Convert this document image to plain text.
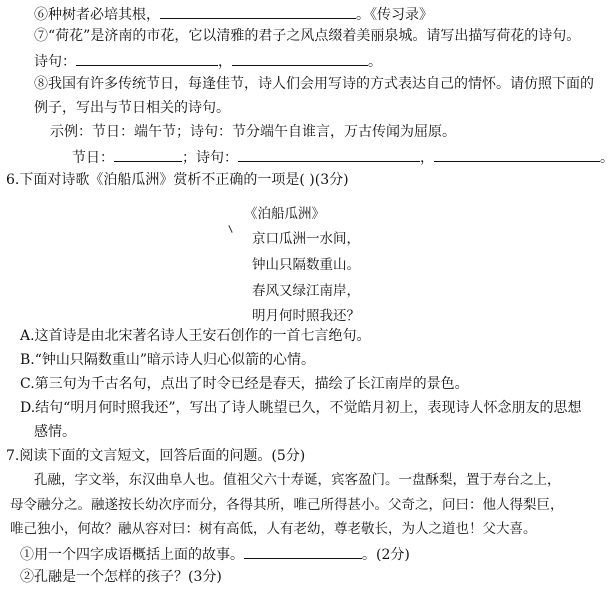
⑥种树者必培其根，	。《传习录》
⑦“荷花”是济南的市花，它以清雅的君子之风点缀着美丽泉城。请写出描写荷花的诗句。
诗句：	，	。
⑧我国有许多传统节日，每逢佳节，诗人们会用写诗的方式表达自己的情怀。请仿照下面的
例子，写出与节日相关的诗句。
示例：节日：端午节；诗句：节分端午自谁言，万古传闻为屈原。
节日：	；诗句：	，	。
6.下面对诗歌《泊船瓜洲》赏析不正确的一项是( )(3分)
《泊船瓜洲》
京口瓜洲一水间，
钟山只隔数重山。
春风又绿江南岸，
明月何时照我还？
A.这首诗是由北宋著名诗人王安石创作的一首七言绝句。
B.“钟山只隔数重山”暗示诗人归心似箭的心情。
C.第三句为千古名句，点出了时令已经是春天，描绘了长江南岸的景色。
D.结句“明月何时照我还”，写出了诗人眺望已久，不觉皓月初上，表现诗人怀念朋友的思想
感情。
7.阅读下面的文言短文，回答后面的问题。(5分)
孔融，字文举，东汉曲阜人也。值祖父六十寿诞，宾客盈门。一盘酥梨，置于寿台之上，
母令融分之。融遂按长幼次序而分，各得其所，唯己所得甚小。父奇之，问曰：他人得梨巨，
唯己独小，何故？融从容对曰：树有高低，人有老幼，尊老敬长，为人之道也！父大喜。
①用一个四字成语概括上面的故事。	。(2分)
②孔融是一个怎样的孩子？(3分)
